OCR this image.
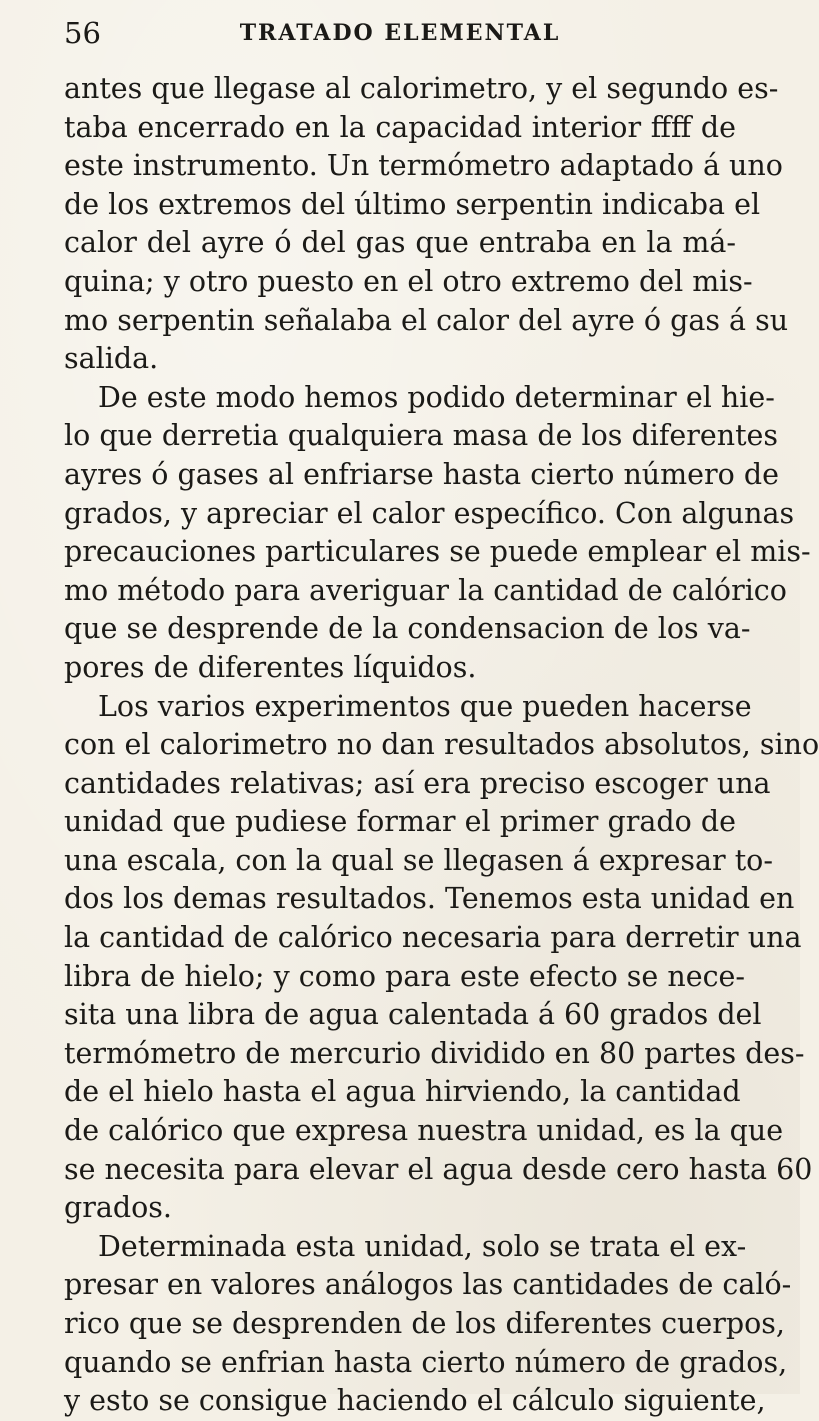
56	TRATADO ELEMENTAL
antes que llegase al calorimetro, y el segundo es-
taba encerrado en la capacidad interior ffff de
este instrumento. Un termómetro adaptado á uno
de los extremos del último serpentin indicaba el
calor del ayre ó del gas que entraba en la má-
quina; y otro puesto en el otro extremo del mis-
mo serpentin señalaba el calor del ayre ó gas á su
salida.
De este modo hemos podido determinar el hie-
lo que derretia qualquiera masa de los diferentes
ayres ó gases al enfriarse hasta cierto número de
grados, y apreciar el calor específico. Con algunas
precauciones particulares se puede emplear el mis-
mo método para averiguar la cantidad de calórico
que se desprende de la condensacion de los va-
pores de diferentes líquidos.
Los varios experimentos que pueden hacerse
con el calorimetro no dan resultados absolutos, sino
cantidades relativas; así era preciso escoger una
unidad que pudiese formar el primer grado de
una escala, con la qual se llegasen á expresar to-
dos los demas resultados. Tenemos esta unidad en
la cantidad de calórico necesaria para derretir una
libra de hielo; y como para este efecto se nece-
sita una libra de agua calentada á 60 grados del
termómetro de mercurio dividido en 80 partes des-
de el hielo hasta el agua hirviendo, la cantidad
de calórico que expresa nuestra unidad, es la que
se necesita para elevar el agua desde cero hasta 60
grados.
Determinada esta unidad, solo se trata el ex-
presar en valores análogos las cantidades de caló-
rico que se desprenden de los diferentes cuerpos,
quando se enfrian hasta cierto número de grados,
y esto se consigue haciendo el cálculo siguiente,
